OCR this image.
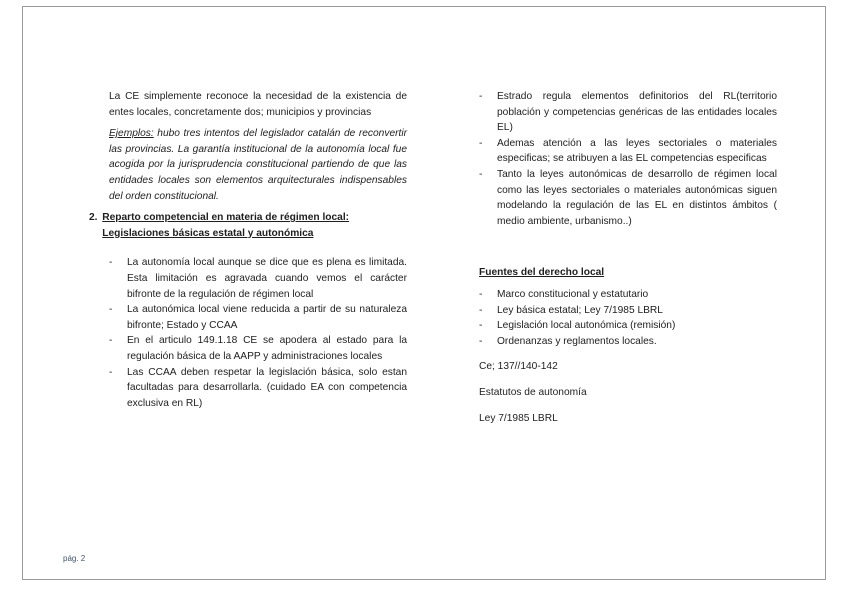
La CE simplemente reconoce la necesidad de la existencia de entes locales, concretamente dos; municipios y provincias

Ejemplos: hubo tres intentos del legislador catalán de reconvertir las provincias. La garantía institucional de la autonomía local fue acogida por la jurisprudencia constitucional partiendo de que las entidades locales son elementos arquitecturales indispensables del orden constitucional.

2. Reparto competencial en materia de régimen local: Legislaciones básicas estatal y autonómica
- La autonomía local aunque se dice que es plena es limitada. Esta limitación es agravada cuando vemos el carácter bifronte de la regulación de régimen local
- La autonómica local viene reducida a partir de su naturaleza bifronte; Estado y CCAA
- En el articulo 149.1.18 CE se apodera al estado para la regulación básica de la AAPP y administraciones locales
- Las CCAA deben respetar la legislación básica, solo estan facultadas para desarrollarla. (cuidado EA con competencia exclusiva en RL)
- Estrado regula elementos definitorios del RL(territorio población y competencias genéricas de las entidades locales EL)
- Ademas atención a las leyes sectoriales o materiales especificas; se atribuyen a las EL competencias especificas
- Tanto la leyes autonómicas de desarrollo de régimen local como las leyes sectoriales o materiales autonómicas siguen modelando la regulación de las EL en distintos ámbitos ( medio ambiente, urbanismo..)
Fuentes del derecho local
- Marco constitucional y estatutario
- Ley básica estatal; Ley 7/1985 LBRL
- Legislación local autonómica (remisión)
- Ordenanzas y reglamentos locales.

Ce; 137//140-142

Estatutos de autonomía

Ley 7/1985 LBRL

pág. 2
